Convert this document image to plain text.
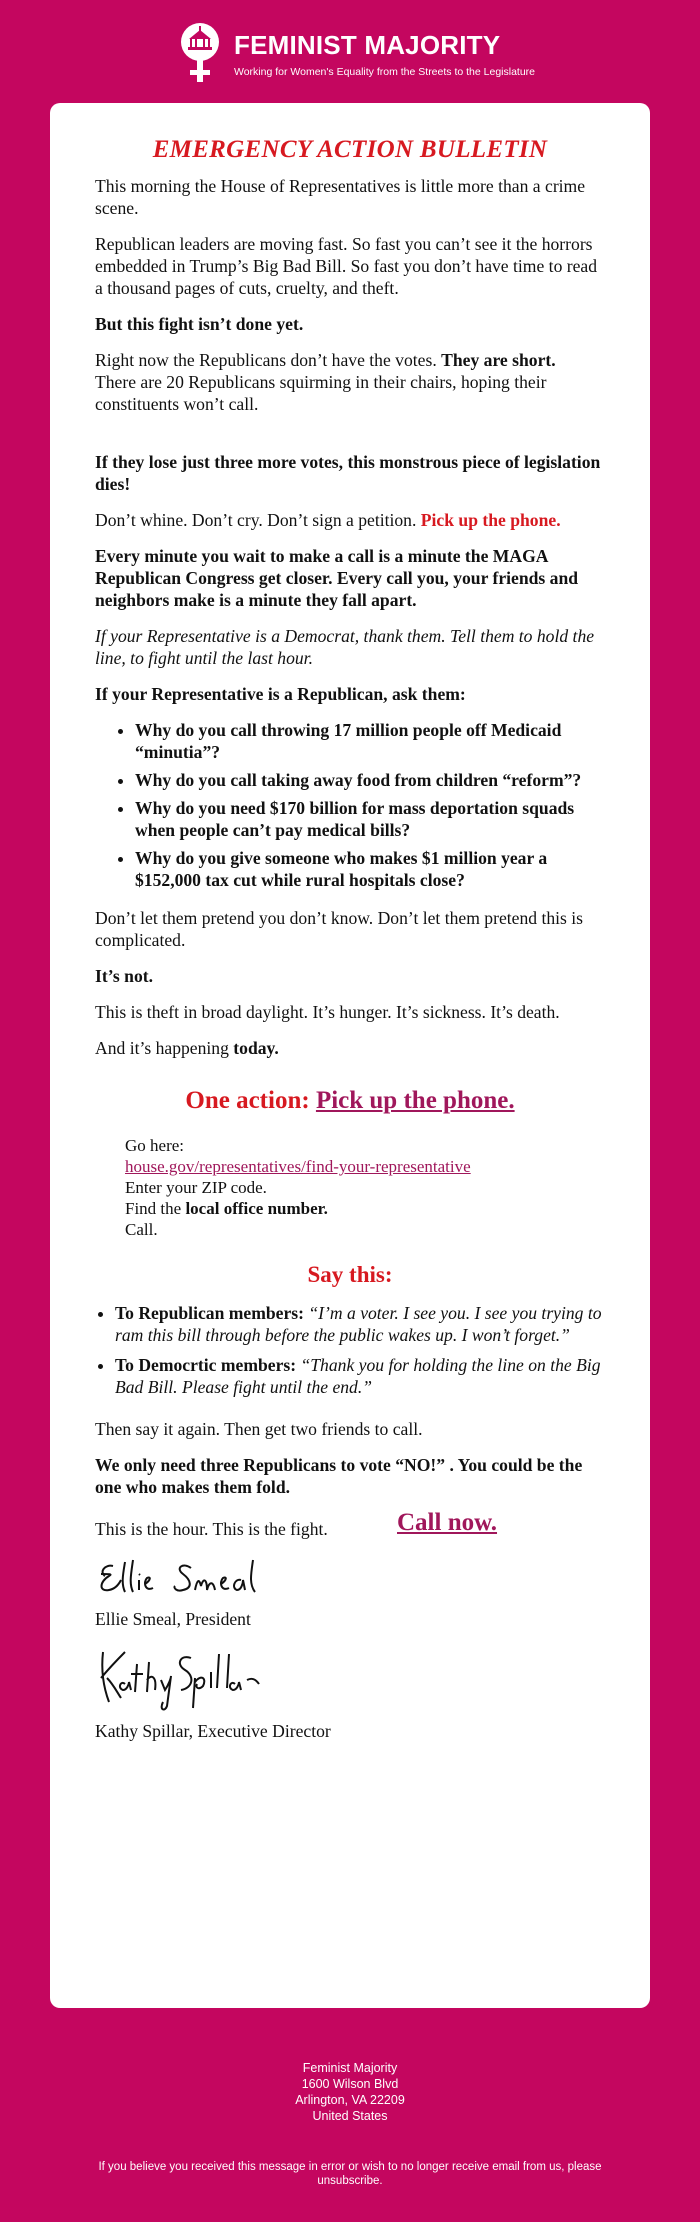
FEMINIST MAJORITY
Working for Women's Equality from the Streets to the Legislature
EMERGENCY ACTION BULLETIN

This morning the House of Representatives is little more than a crime scene.

Republican leaders are moving fast. So fast you can’t see it the horrors embedded in Trump’s Big Bad Bill. So fast you don’t have time to read a thousand pages of cuts, cruelty, and theft.

But this fight isn’t done yet.

Right now the Republicans don’t have the votes. They are short.
There are 20 Republicans squirming in their chairs, hoping their constituents won’t call.

If they lose just three more votes, this monstrous piece of legislation dies!

Don’t whine. Don’t cry. Don’t sign a petition. Pick up the phone.

Every minute you wait to make a call is a minute the MAGA Republican Congress get closer. Every call you, your friends and neighbors make is a minute they fall apart.

If your Representative is a Democrat, thank them. Tell them to hold the line, to fight until the last hour.

If your Representative is a Republican, ask them:

• Why do you call throwing 17 million people off Medicaid “minutia”?
• Why do you call taking away food from children “reform”?
• Why do you need $170 billion for mass deportation squads when people can’t pay medical bills?
• Why do you give someone who makes $1 million year a $152,000 tax cut while rural hospitals close?

Don’t let them pretend you don’t know. Don’t let them pretend this is complicated.

It’s not.

This is theft in broad daylight. It’s hunger. It’s sickness. It’s death.

And it’s happening today.

One action: Pick up the phone.
Go here:
house.gov/representatives/find-your-representative
Enter your ZIP code.
Find the local office number.
Call.
Say this:
• To Republican members: “I’m a voter. I see you. I see you trying to ram this bill through before the public wakes up. I won’t forget.”
• To Democrtic members: “Thank you for holding the line on the Big Bad Bill. Please fight until the end.”

Then say it again. Then get two friends to call.

We only need three Republicans to vote “NO!” . You could be the one who makes them fold.

This is the hour. This is the fight.	Call now.

Ellie Smeal, President

Kathy Spillar, Executive Director

Feminist Majority
1600 Wilson Blvd
Arlington, VA 22209
United States
If you believe you received this message in error or wish to no longer receive email from us, please unsubscribe.
